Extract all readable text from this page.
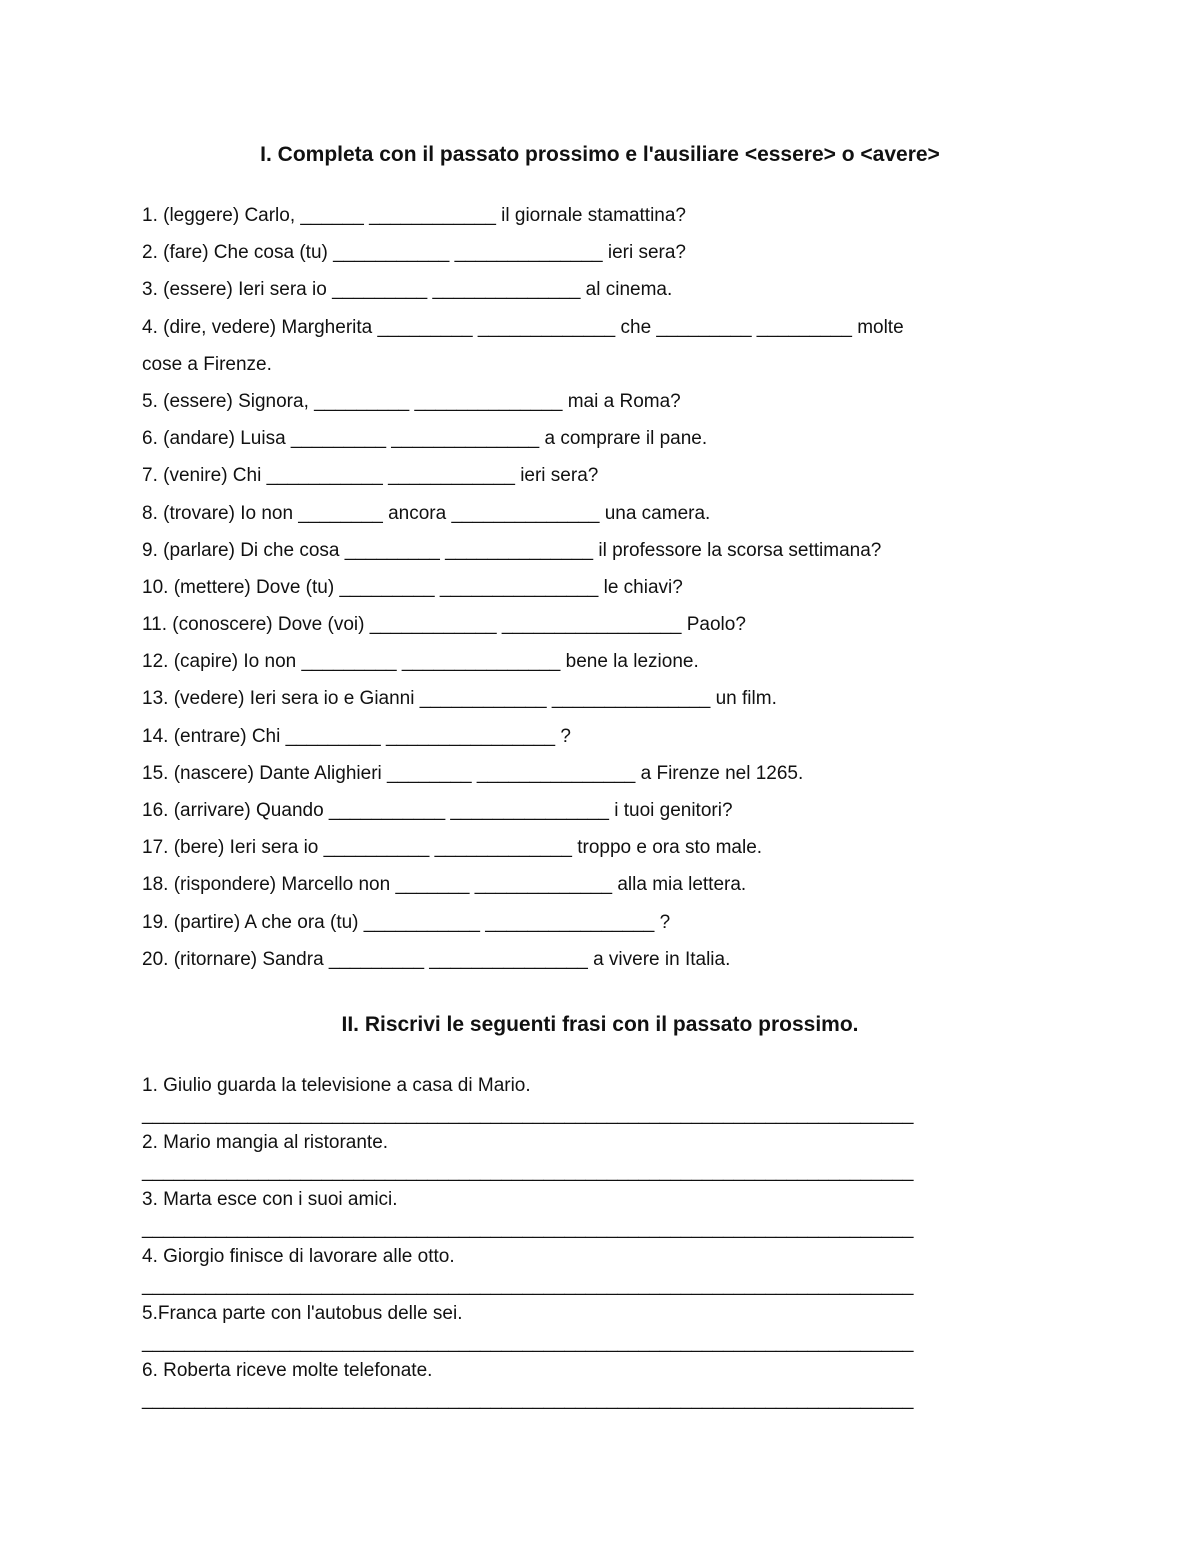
I. Completa con il passato prossimo e l'ausiliare <essere> o <avere>
1. (leggere) Carlo, ______ ____________ il giornale stamattina?
2. (fare) Che cosa (tu) ___________ ______________ ieri sera?
3. (essere) Ieri sera io _________ ______________ al cinema.
4. (dire, vedere) Margherita _________ _____________ che _________ _________ molte
cose a Firenze.
5. (essere) Signora, _________ ______________ mai a Roma?
6. (andare) Luisa _________ ______________ a comprare il pane.
7. (venire) Chi ___________ ____________ ieri sera?
8. (trovare) Io non ________ ancora ______________ una camera.
9. (parlare) Di che cosa _________ ______________ il professore la scorsa settimana?
10. (mettere) Dove (tu) _________ _______________ le chiavi?
11. (conoscere) Dove (voi) ____________ _________________ Paolo?
12. (capire) Io non _________ _______________ bene la lezione.
13. (vedere) Ieri sera io e Gianni ____________ _______________ un film.
14. (entrare) Chi _________ ________________ ?
15. (nascere) Dante Alighieri ________ _______________ a Firenze nel 1265.
16. (arrivare) Quando ___________ _______________ i tuoi genitori?
17. (bere) Ieri sera io __________ _____________ troppo e ora sto male.
18. (rispondere) Marcello non _______ _____________ alla mia lettera.
19. (partire) A che ora (tu) ___________ ________________ ?
20. (ritornare) Sandra _________ _______________ a vivere in Italia.
II. Riscrivi le seguenti frasi con il passato prossimo.
1. Giulio guarda la televisione a casa di Mario.
_________________________________________________________________________
2. Mario mangia al ristorante.
_________________________________________________________________________
3. Marta esce con i suoi amici.
_________________________________________________________________________
4. Giorgio finisce di lavorare alle otto.
_________________________________________________________________________
5.Franca parte con l'autobus delle sei.
_________________________________________________________________________
6. Roberta riceve molte telefonate.
_________________________________________________________________________
